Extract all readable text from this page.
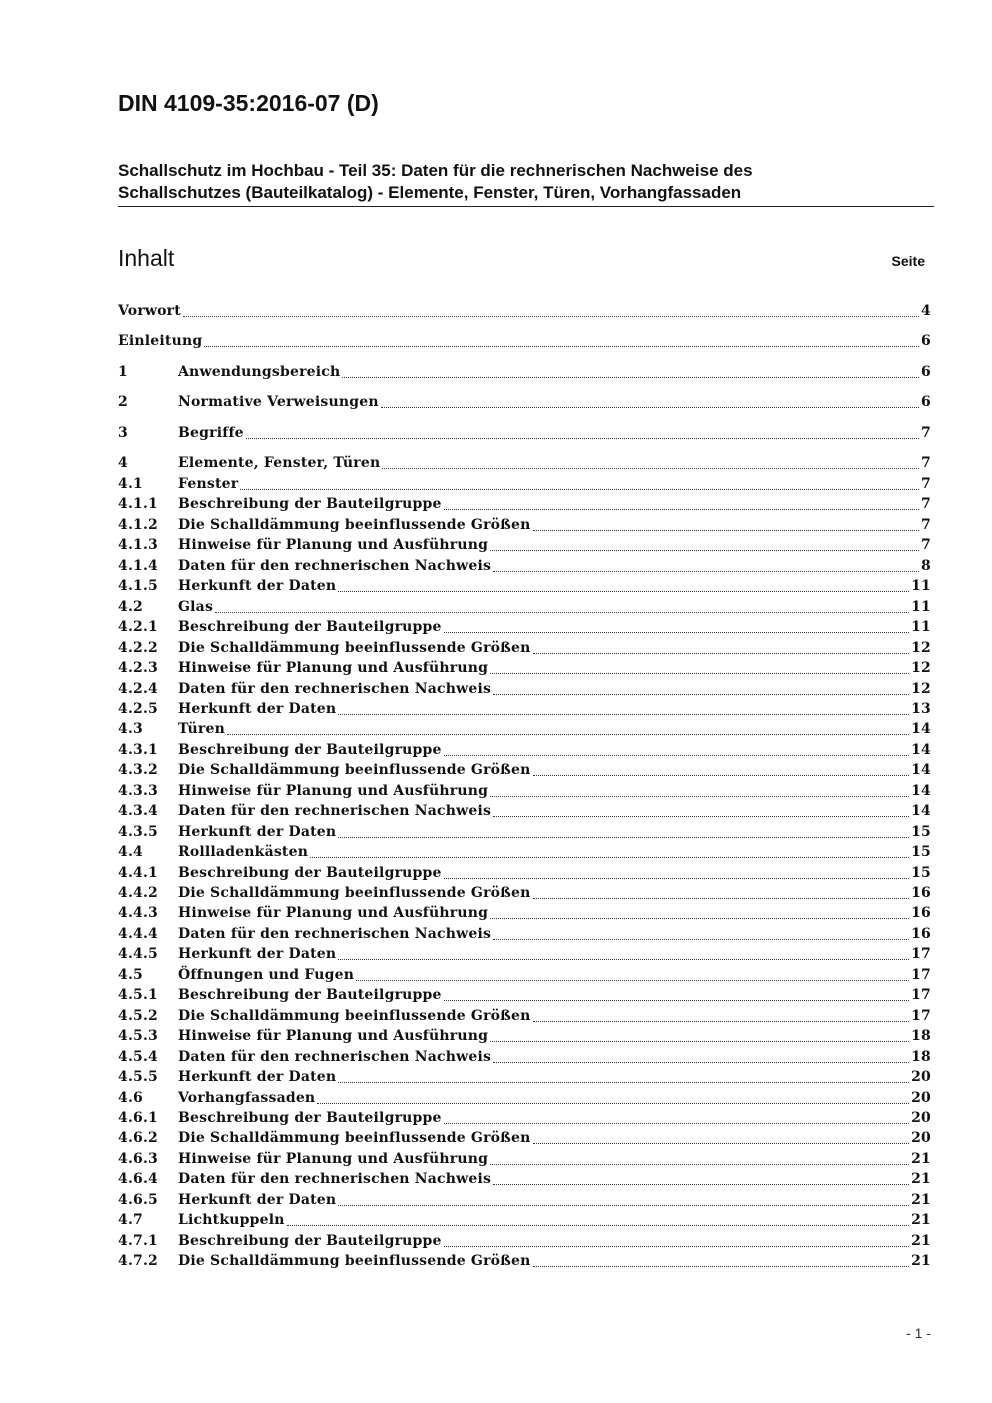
DIN 4109-35:2016-07 (D)
Schallschutz im Hochbau - Teil 35: Daten für die rechnerischen Nachweise des
Schallschutzes (Bauteilkatalog) - Elemente, Fenster, Türen, Vorhangfassaden
Inhalt	Seite
Vorwort	4
Einleitung	6
1	Anwendungsbereich	6
2	Normative Verweisungen	6
3	Begriffe	7
4	Elemente, Fenster, Türen	7
4.1	Fenster	7
4.1.1	Beschreibung der Bauteilgruppe	7
4.1.2	Die Schalldämmung beeinflussende Größen	7
4.1.3	Hinweise für Planung und Ausführung	7
4.1.4	Daten für den rechnerischen Nachweis	8
4.1.5	Herkunft der Daten	11
4.2	Glas	11
4.2.1	Beschreibung der Bauteilgruppe	11
4.2.2	Die Schalldämmung beeinflussende Größen	12
4.2.3	Hinweise für Planung und Ausführung	12
4.2.4	Daten für den rechnerischen Nachweis	12
4.2.5	Herkunft der Daten	13
4.3	Türen	14
4.3.1	Beschreibung der Bauteilgruppe	14
4.3.2	Die Schalldämmung beeinflussende Größen	14
4.3.3	Hinweise für Planung und Ausführung	14
4.3.4	Daten für den rechnerischen Nachweis	14
4.3.5	Herkunft der Daten	15
4.4	Rollladenkästen	15
4.4.1	Beschreibung der Bauteilgruppe	15
4.4.2	Die Schalldämmung beeinflussende Größen	16
4.4.3	Hinweise für Planung und Ausführung	16
4.4.4	Daten für den rechnerischen Nachweis	16
4.4.5	Herkunft der Daten	17
4.5	Öffnungen und Fugen	17
4.5.1	Beschreibung der Bauteilgruppe	17
4.5.2	Die Schalldämmung beeinflussende Größen	17
4.5.3	Hinweise für Planung und Ausführung	18
4.5.4	Daten für den rechnerischen Nachweis	18
4.5.5	Herkunft der Daten	20
4.6	Vorhangfassaden	20
4.6.1	Beschreibung der Bauteilgruppe	20
4.6.2	Die Schalldämmung beeinflussende Größen	20
4.6.3	Hinweise für Planung und Ausführung	21
4.6.4	Daten für den rechnerischen Nachweis	21
4.6.5	Herkunft der Daten	21
4.7	Lichtkuppeln	21
4.7.1	Beschreibung der Bauteilgruppe	21
4.7.2	Die Schalldämmung beeinflussende Größen	21
- 1 -
